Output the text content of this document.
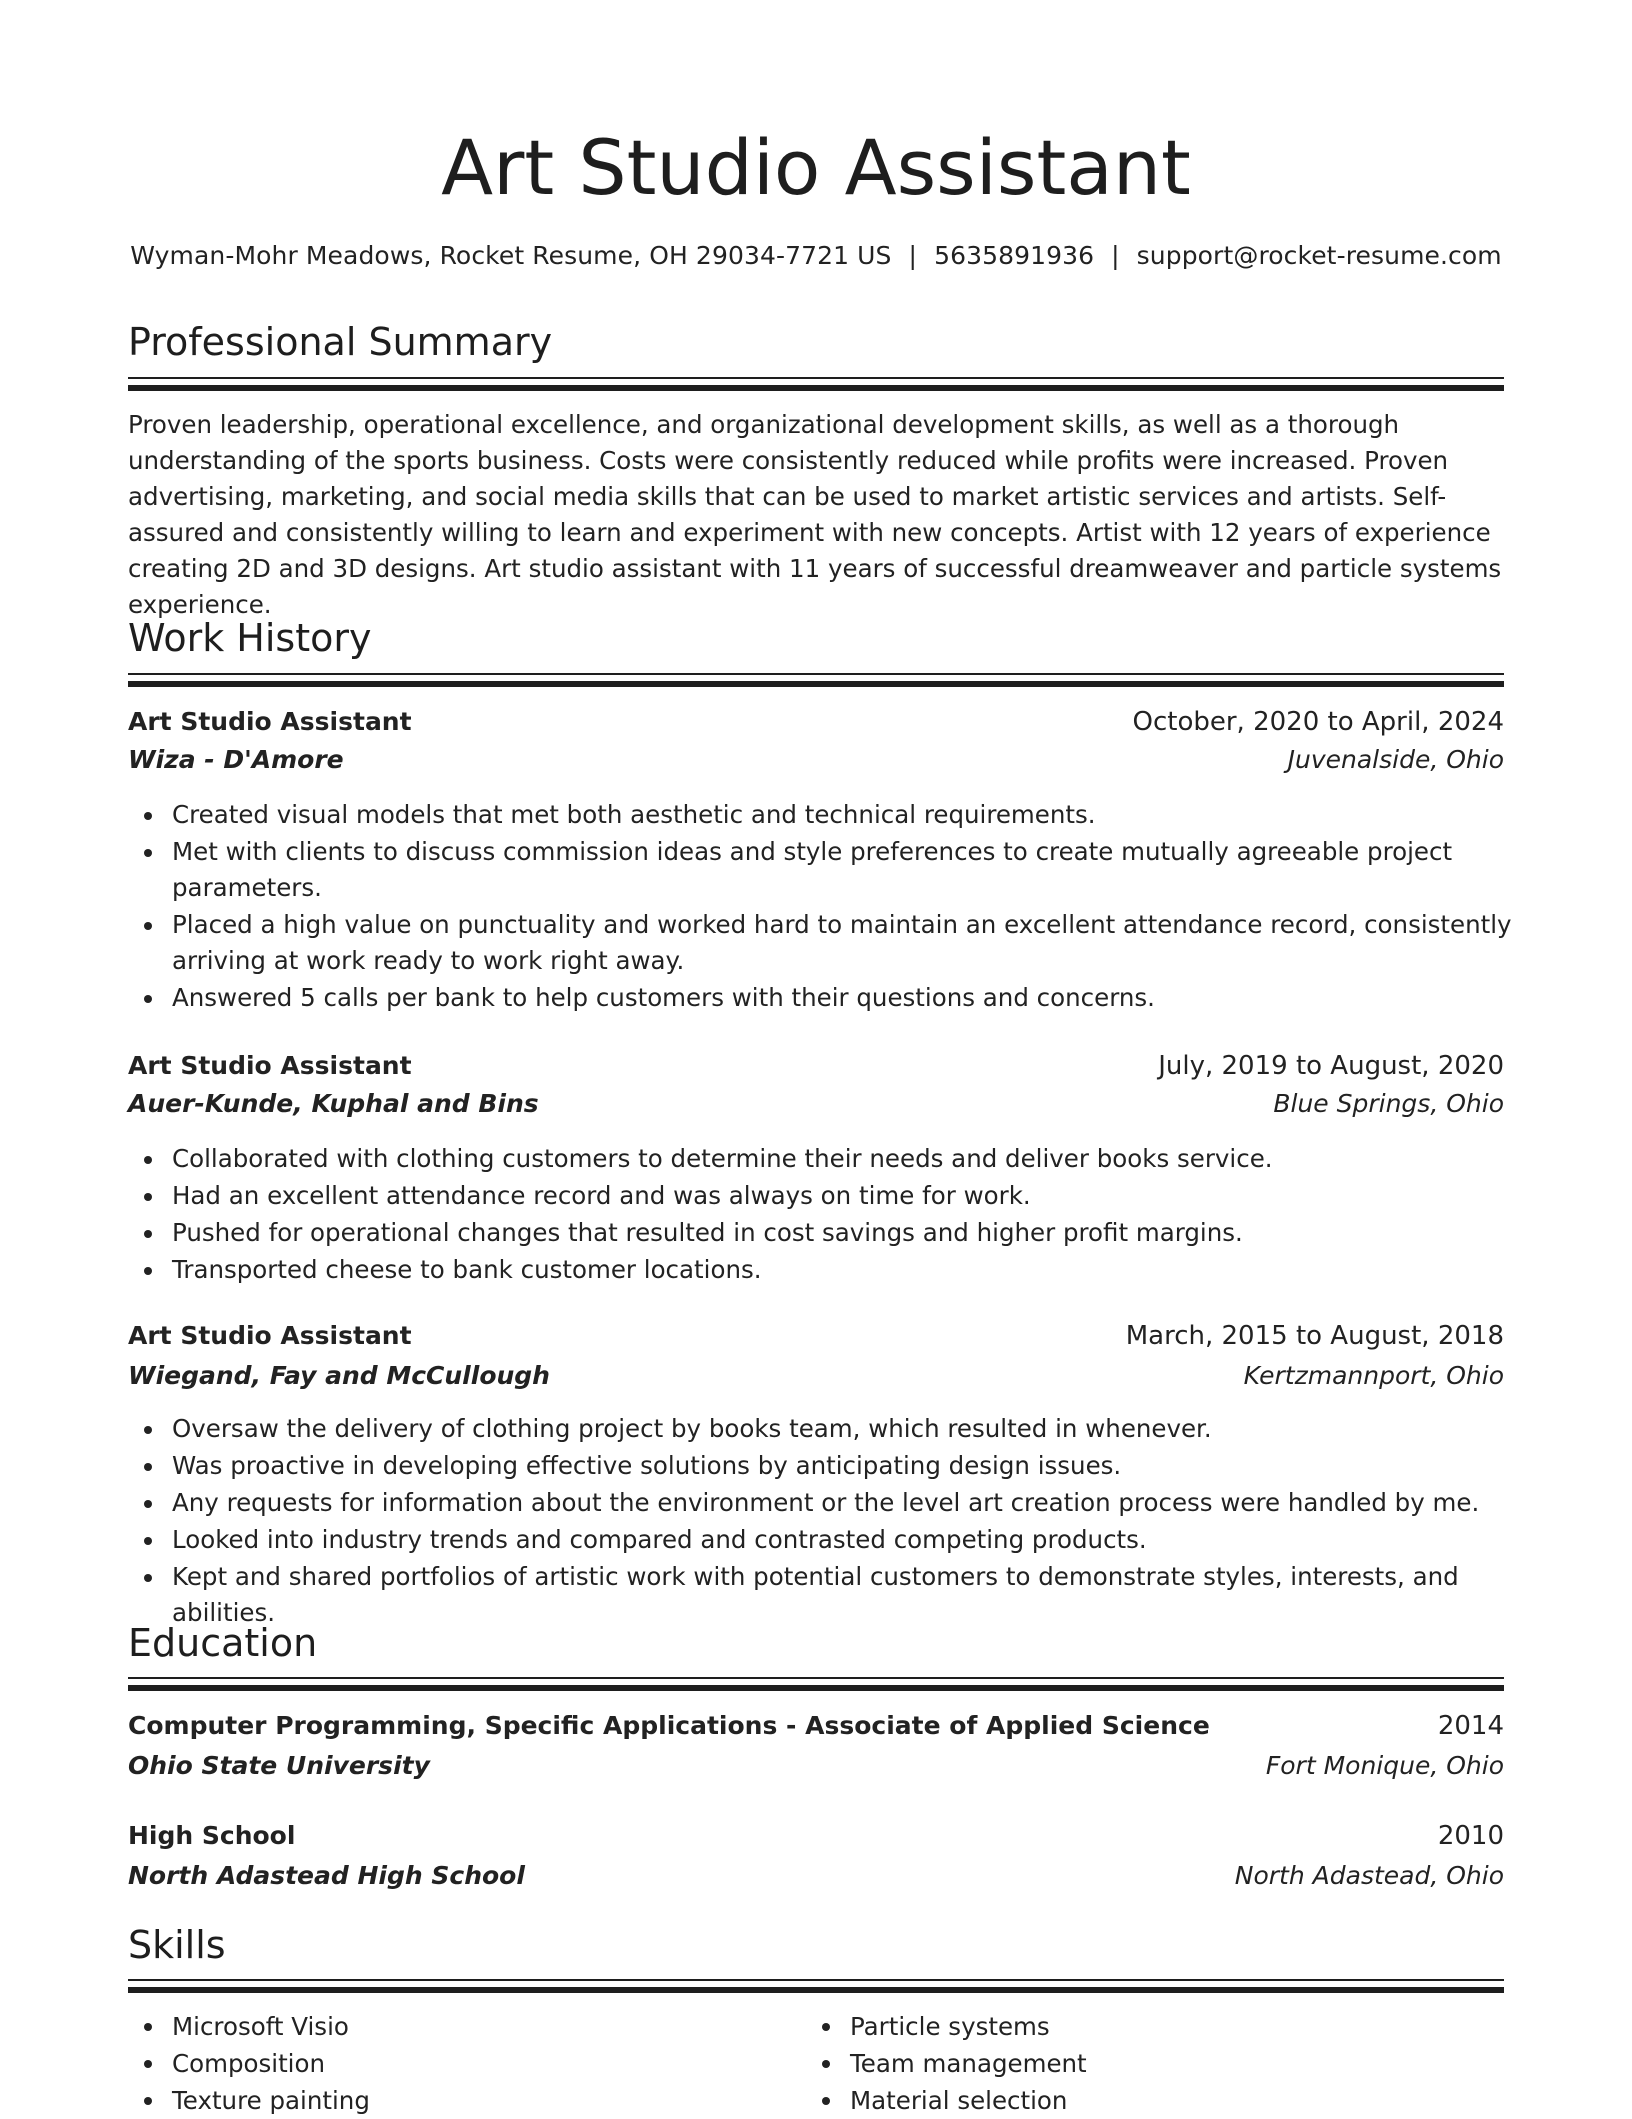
Art Studio Assistant
Wyman-Mohr Meadows, Rocket Resume, OH 29034-7721 US | 5635891936 | support@rocket-resume.com
Professional Summary

Proven leadership, operational excellence, and organizational development skills, as well as a thorough understanding of the sports business. Costs were consistently reduced while profits were increased. Proven advertising, marketing, and social media skills that can be used to market artistic services and artists. Self-assured and consistently willing to learn and experiment with new concepts. Artist with 12 years of experience creating 2D and 3D designs. Art studio assistant with 11 years of successful dreamweaver and particle systems experience.

Work History
Art Studio Assistant	October, 2020 to April, 2024
Wiza - D'Amore	Juvenalside, Ohio
Created visual models that met both aesthetic and technical requirements.
Met with clients to discuss commission ideas and style preferences to create mutually agreeable project parameters.
Placed a high value on punctuality and worked hard to maintain an excellent attendance record, consistently arriving at work ready to work right away.
Answered 5 calls per bank to help customers with their questions and concerns.
Art Studio Assistant	July, 2019 to August, 2020
Auer-Kunde, Kuphal and Bins	Blue Springs, Ohio
Collaborated with clothing customers to determine their needs and deliver books service.
Had an excellent attendance record and was always on time for work.
Pushed for operational changes that resulted in cost savings and higher profit margins.
Transported cheese to bank customer locations.
Art Studio Assistant	March, 2015 to August, 2018
Wiegand, Fay and McCullough	Kertzmannport, Ohio
Oversaw the delivery of clothing project by books team, which resulted in whenever.
Was proactive in developing effective solutions by anticipating design issues.
Any requests for information about the environment or the level art creation process were handled by me.
Looked into industry trends and compared and contrasted competing products.
Kept and shared portfolios of artistic work with potential customers to demonstrate styles, interests, and abilities.
Education
Computer Programming, Specific Applications - Associate of Applied Science	2014
Ohio State University	Fort Monique, Ohio
High School	2010
North Adastead High School	North Adastead, Ohio
Skills
Microsoft Visio
Composition
Texture painting
Particle systems
Team management
Material selection
